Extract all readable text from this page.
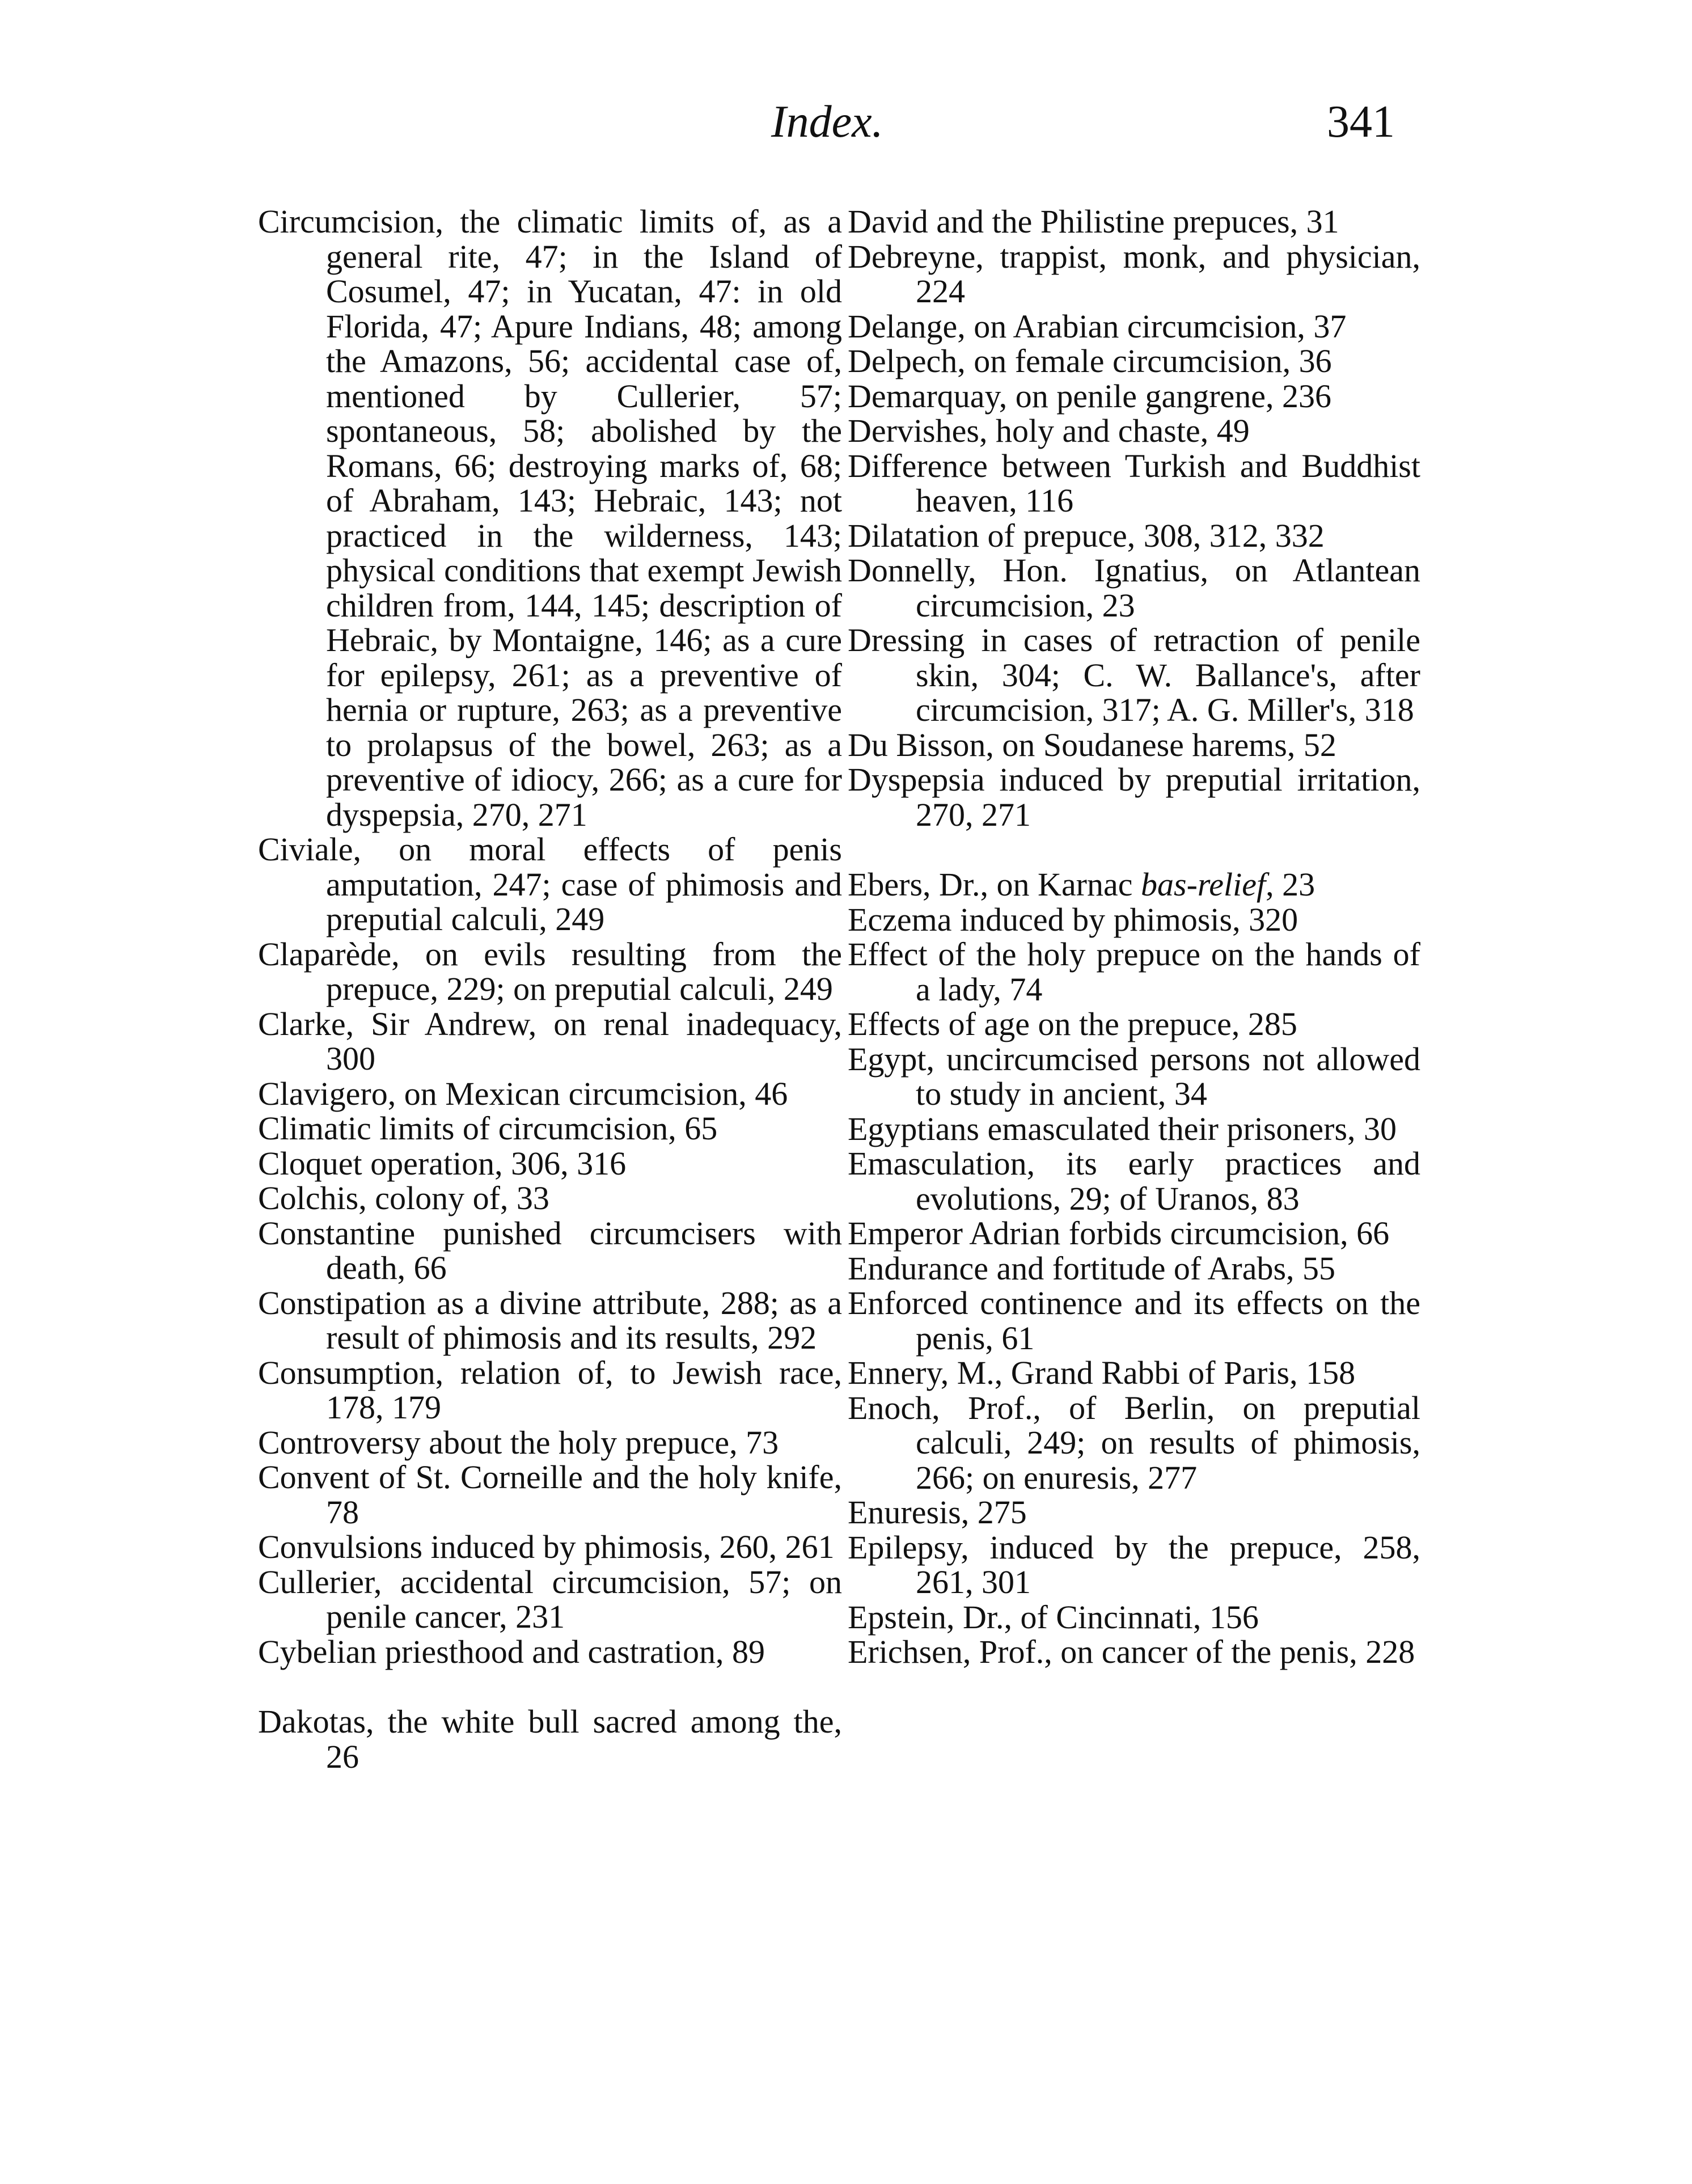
Index.	341
Circumcision, the climatic limits of, as a general rite, 47; in the Island of Cosumel, 47; in Yucatan, 47: in old Florida, 47; Apure Indians, 48; among the Amazons, 56; accidental case of, mentioned by Cullerier, 57; spontaneous, 58; abolished by the Romans, 66; destroying marks of, 68; of Abraham, 143; Hebraic, 143; not practiced in the wilderness, 143; physical conditions that exempt Jewish children from, 144, 145; description of Hebraic, by Montaigne, 146; as a cure for epilepsy, 261; as a preventive of hernia or rupture, 263; as a preventive to prolapsus of the bowel, 263; as a preventive of idiocy, 266; as a cure for dyspepsia, 270, 271
Civiale, on moral effects of penis amputation, 247; case of phimosis and preputial calculi, 249
Claparède, on evils resulting from the prepuce, 229; on preputial calculi, 249
Clarke, Sir Andrew, on renal inadequacy, 300
Clavigero, on Mexican circumcision, 46
Climatic limits of circumcision, 65
Cloquet operation, 306, 316
Colchis, colony of, 33
Constantine punished circumcisers with death, 66
Constipation as a divine attribute, 288; as a result of phimosis and its results, 292
Consumption, relation of, to Jewish race, 178, 179
Controversy about the holy prepuce, 73
Convent of St. Corneille and the holy knife, 78
Convulsions induced by phimosis, 260, 261
Cullerier, accidental circumcision, 57; on penile cancer, 231
Cybelian priesthood and castration, 89
Dakotas, the white bull sacred among the, 26
David and the Philistine prepuces, 31
Debreyne, trappist, monk, and physician, 224
Delange, on Arabian circumcision, 37
Delpech, on female circumcision, 36
Demarquay, on penile gangrene, 236
Dervishes, holy and chaste, 49
Difference between Turkish and Buddhist heaven, 116
Dilatation of prepuce, 308, 312, 332
Donnelly, Hon. Ignatius, on Atlantean circumcision, 23
Dressing in cases of retraction of penile skin, 304; C. W. Ballance's, after circumcision, 317; A. G. Miller's, 318
Du Bisson, on Soudanese harems, 52
Dyspepsia induced by preputial irritation, 270, 271
Ebers, Dr., on Karnac bas-relief, 23
Eczema induced by phimosis, 320
Effect of the holy prepuce on the hands of a lady, 74
Effects of age on the prepuce, 285
Egypt, uncircumcised persons not allowed to study in ancient, 34
Egyptians emasculated their prisoners, 30
Emasculation, its early practices and evolutions, 29; of Uranos, 83
Emperor Adrian forbids circumcision, 66
Endurance and fortitude of Arabs, 55
Enforced continence and its effects on the penis, 61
Ennery, M., Grand Rabbi of Paris, 158
Enoch, Prof., of Berlin, on preputial calculi, 249; on results of phimosis, 266; on enuresis, 277
Enuresis, 275
Epilepsy, induced by the prepuce, 258, 261, 301
Epstein, Dr., of Cincinnati, 156
Erichsen, Prof., on cancer of the penis, 228
